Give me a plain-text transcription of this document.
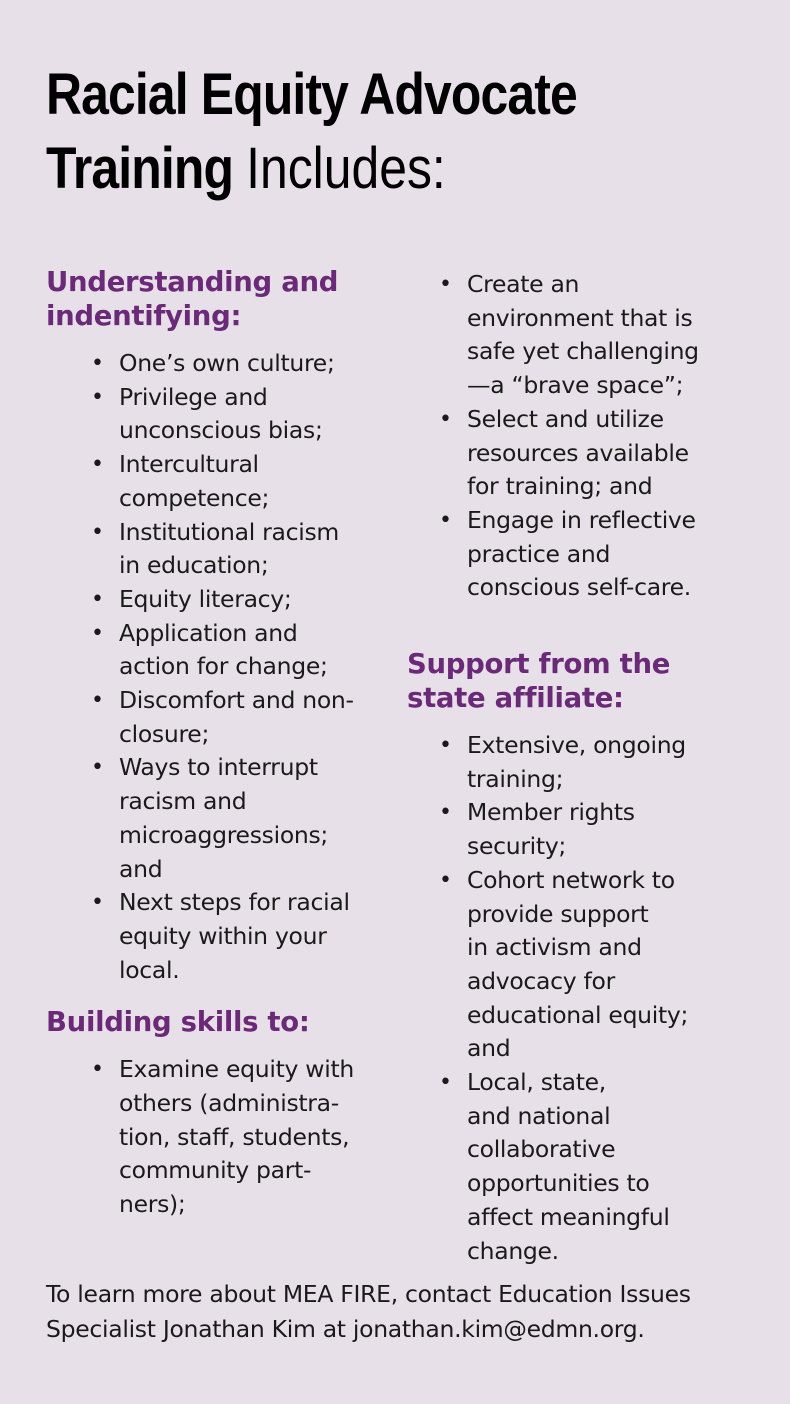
Racial Equity Advocate
Training Includes:
Understanding and
indentifying:
• One’s own culture;
• Privilege and
unconscious bias;
• Intercultural
competence;
• Institutional racism
in education;
• Equity literacy;
• Application and
action for change;
• Discomfort and non-
closure;
• Ways to interrupt
racism and
microaggressions;
and
• Next steps for racial
equity within your
local.
Building skills to:
• Examine equity with
others (administra-
tion, staff, students,
community part-
ners);
• Create an
environment that is
safe yet challenging
—a “brave space”;
• Select and utilize
resources available
for training; and
• Engage in reflective
practice and
conscious self-care.
Support from the
state affiliate:
• Extensive, ongoing
training;
• Member rights
security;
• Cohort network to
provide support
in activism and
advocacy for
educational equity;
and
• Local, state,
and national
collaborative
opportunities to
affect meaningful
change.

To learn more about MEA FIRE, contact Education Issues
Specialist Jonathan Kim at jonathan.kim@edmn.org.
